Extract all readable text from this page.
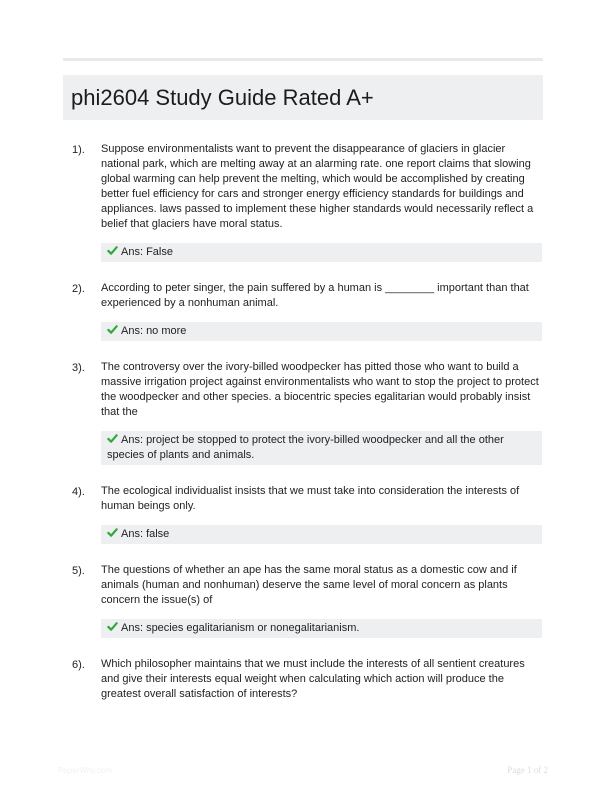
phi2604 Study Guide Rated A+
1).	Suppose environmentalists want to prevent the disappearance of glaciers in glacier national park, which are melting away at an alarming rate. one report claims that slowing global warming can help prevent the melting, which would be accomplished by creating better fuel efficiency for cars and stronger energy efficiency standards for buildings and appliances. laws passed to implement these higher standards would necessarily reflect a belief that glaciers have moral status.
Ans: False
2).	According to peter singer, the pain suffered by a human is ________ important than that experienced by a nonhuman animal.
Ans: no more
3).	The controversy over the ivory-billed woodpecker has pitted those who want to build a massive irrigation project against environmentalists who want to stop the project to protect the woodpecker and other species. a biocentric species egalitarian would probably insist that the
Ans: project be stopped to protect the ivory-billed woodpecker and all the other species of plants and animals.
4).	The ecological individualist insists that we must take into consideration the interests of human beings only.
Ans: false
5).	The questions of whether an ape has the same moral status as a domestic cow and if animals (human and nonhuman) deserve the same level of moral concern as plants concern the issue(s) of
Ans: species egalitarianism or nonegalitarianism.
6).	Which philosopher maintains that we must include the interests of all sentient creatures and give their interests equal weight when calculating which action will produce the greatest overall satisfaction of interests?
PaperWhy.com	Page 1 of 2
